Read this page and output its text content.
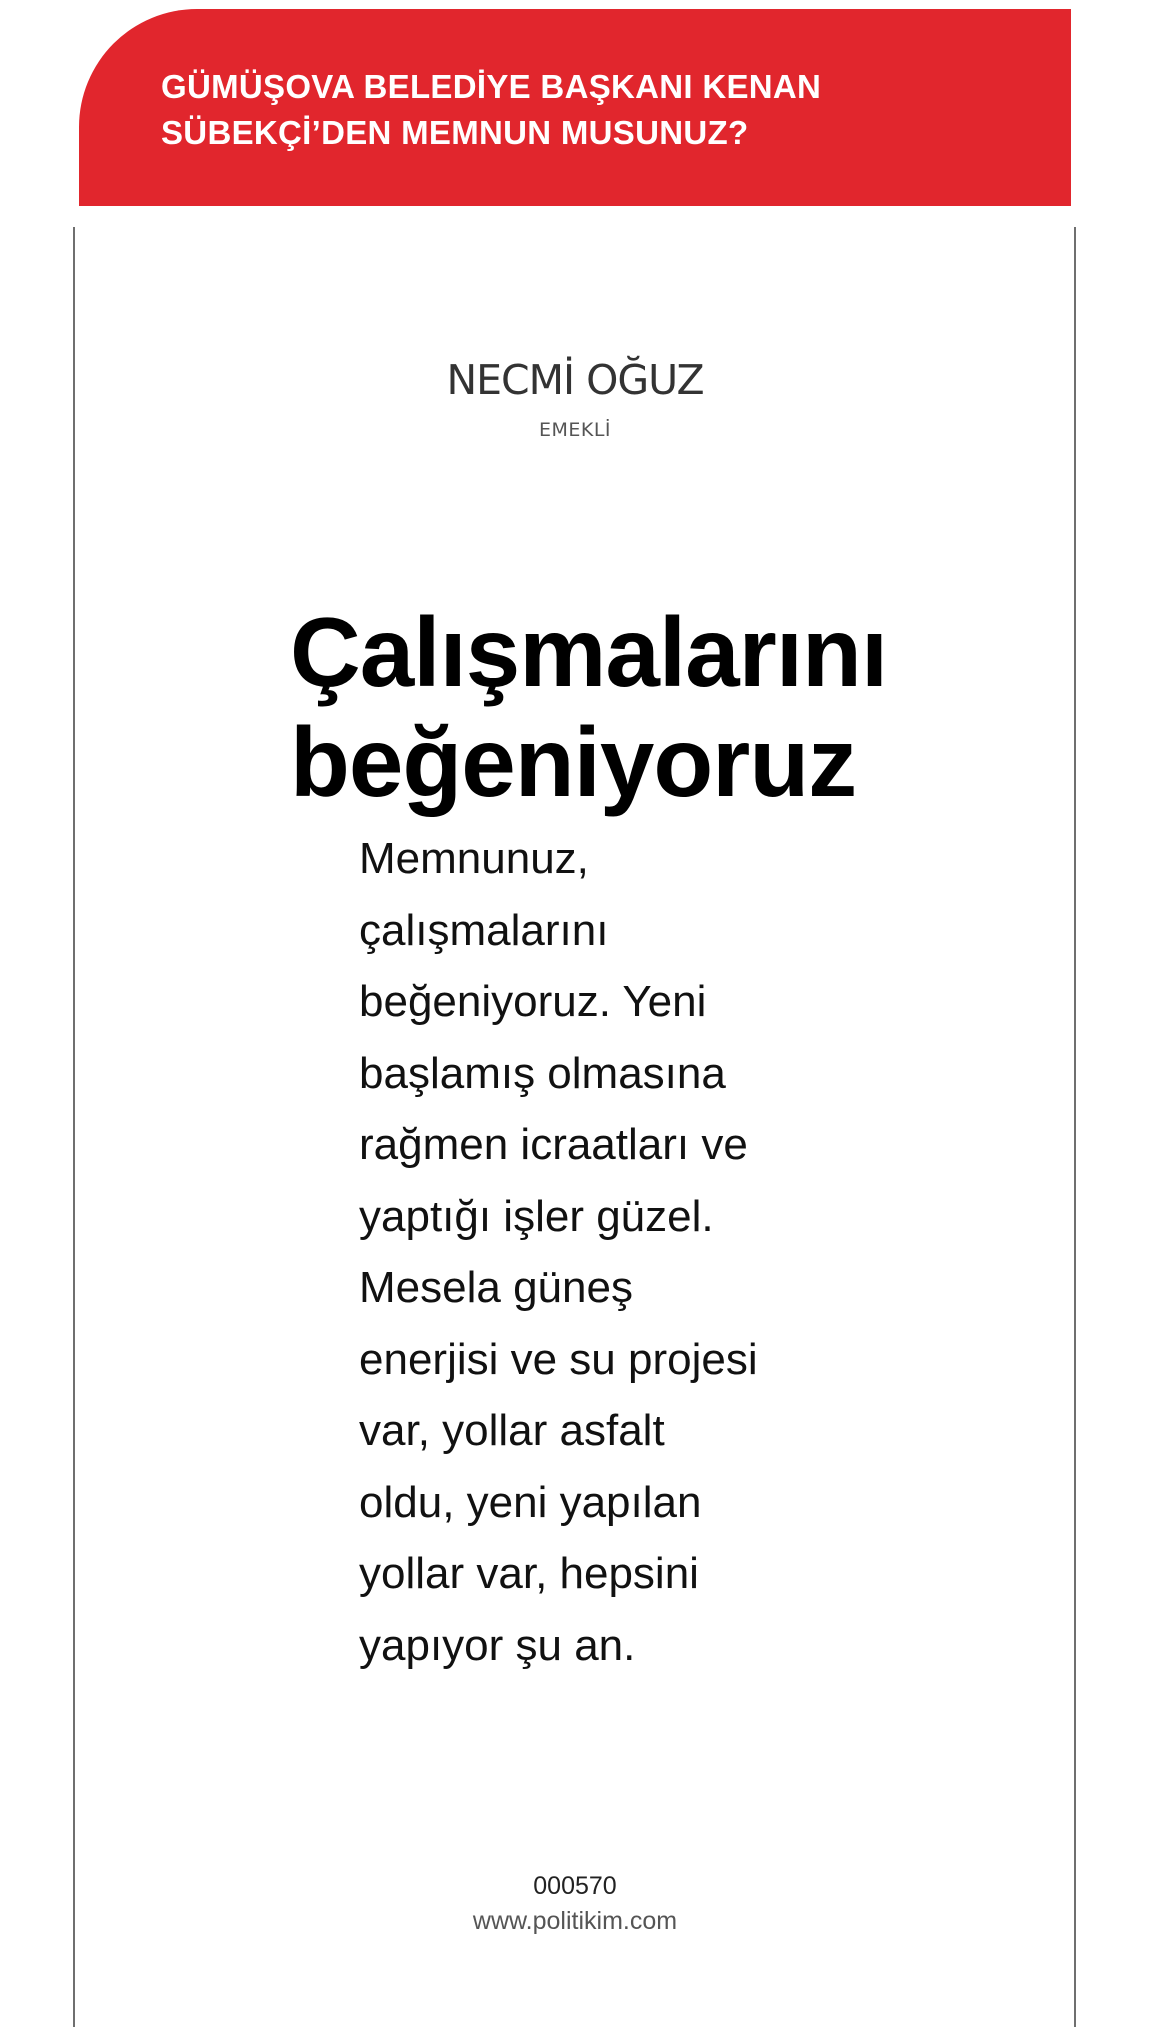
GÜMÜŞOVA BELEDİYE BAŞKANI KENAN
SÜBEKÇİ’DEN MEMNUN MUSUNUZ?
NECMİ OĞUZ
EMEKLİ
Çalışmalarını
beğeniyoruz

Memnunuz,
çalışmalarını
beğeniyoruz. Yeni
başlamış olmasına
rağmen icraatları ve
yaptığı işler güzel.
Mesela güneş
enerjisi ve su projesi
var, yollar asfalt
oldu, yeni yapılan
yollar var, hepsini
yapıyor şu an.

000570
www.politikim.com
